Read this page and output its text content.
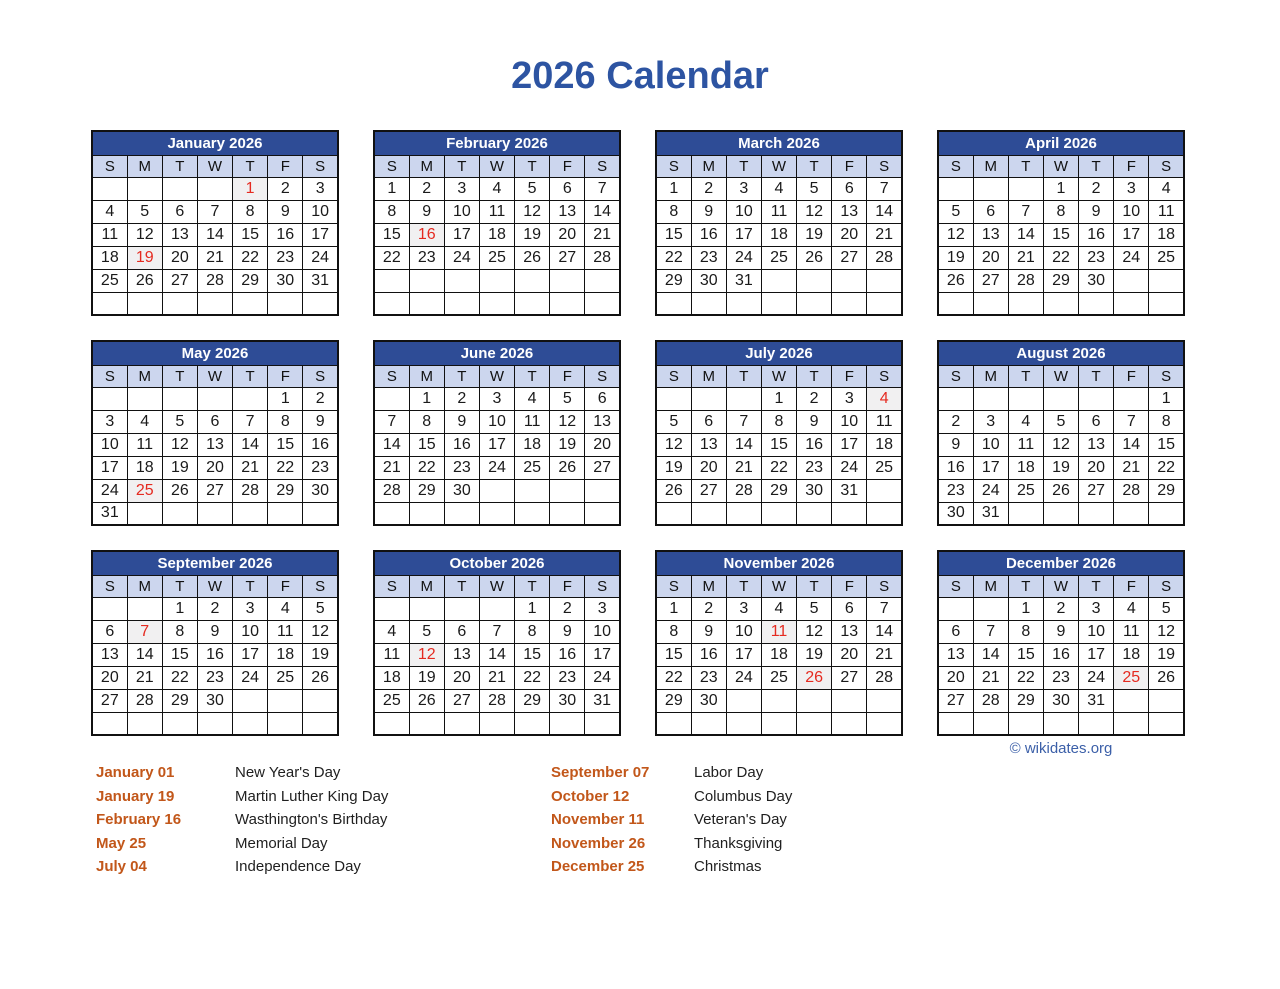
2026 Calendar
January 2026						
S	M	T	W	T	F	S
				1	2	3
4	5	6	7	8	9	10
11	12	13	14	15	16	17
18	19	20	21	22	23	24
25	26	27	28	29	30	31

February 2026						
S	M	T	W	T	F	S
1	2	3	4	5	6	7
8	9	10	11	12	13	14
15	16	17	18	19	20	21
22	23	24	25	26	27	28

March 2026						
S	M	T	W	T	F	S
1	2	3	4	5	6	7
8	9	10	11	12	13	14
15	16	17	18	19	20	21
22	23	24	25	26	27	28
29	30	31				

April 2026						
S	M	T	W	T	F	S
			1	2	3	4
5	6	7	8	9	10	11
12	13	14	15	16	17	18
19	20	21	22	23	24	25
26	27	28	29	30		

May 2026						
S	M	T	W	T	F	S
					1	2
3	4	5	6	7	8	9
10	11	12	13	14	15	16
17	18	19	20	21	22	23
24	25	26	27	28	29	30
31						
June 2026						
S	M	T	W	T	F	S
	1	2	3	4	5	6
7	8	9	10	11	12	13
14	15	16	17	18	19	20
21	22	23	24	25	26	27
28	29	30				

July 2026						
S	M	T	W	T	F	S
			1	2	3	4
5	6	7	8	9	10	11
12	13	14	15	16	17	18
19	20	21	22	23	24	25
26	27	28	29	30	31	

August 2026						
S	M	T	W	T	F	S
						1
2	3	4	5	6	7	8
9	10	11	12	13	14	15
16	17	18	19	20	21	22
23	24	25	26	27	28	29
30	31					
September 2026						
S	M	T	W	T	F	S
		1	2	3	4	5
6	7	8	9	10	11	12
13	14	15	16	17	18	19
20	21	22	23	24	25	26
27	28	29	30			

October 2026						
S	M	T	W	T	F	S
				1	2	3
4	5	6	7	8	9	10
11	12	13	14	15	16	17
18	19	20	21	22	23	24
25	26	27	28	29	30	31

November 2026						
S	M	T	W	T	F	S
1	2	3	4	5	6	7
8	9	10	11	12	13	14
15	16	17	18	19	20	21
22	23	24	25	26	27	28
29	30					

December 2026						
S	M	T	W	T	F	S
		1	2	3	4	5
6	7	8	9	10	11	12
13	14	15	16	17	18	19
20	21	22	23	24	25	26
27	28	29	30	31		

© wikidates.org
January 01	New Year's Day
January 19	Martin Luther King Day
February 16	Wasthington's Birthday
May 25	Memorial Day
July 04	Independence Day
September 07	Labor Day
October 12	Columbus Day
November 11	Veteran's Day
November 26	Thanksgiving
December 25	Christmas
